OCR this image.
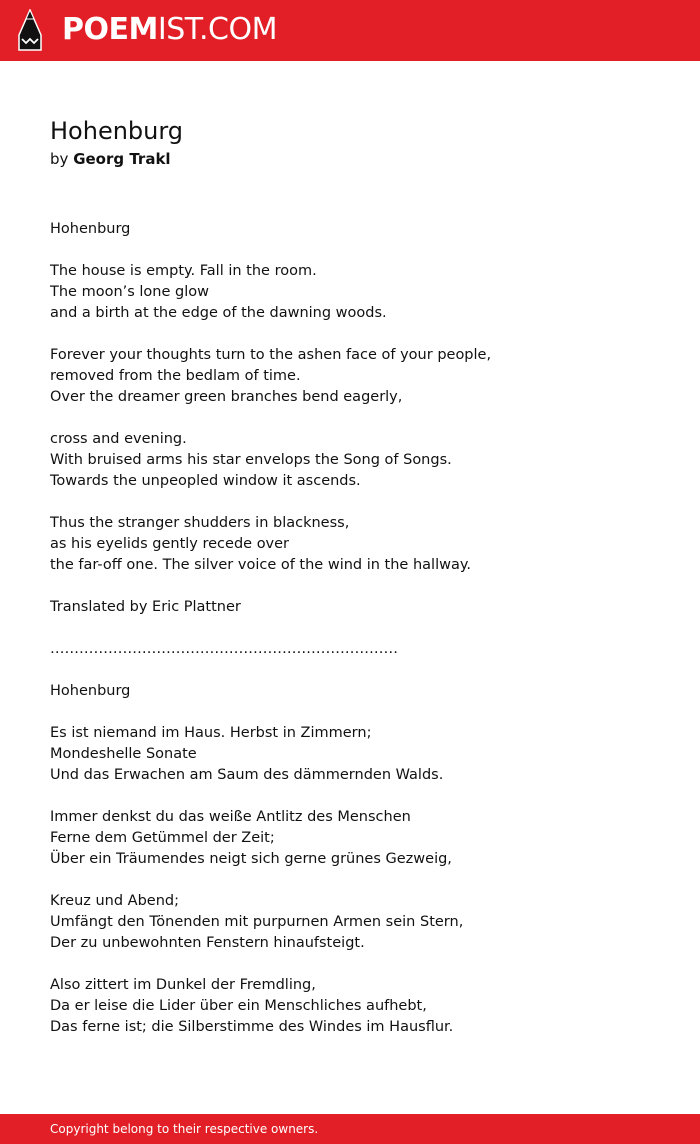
POEMIST.COM
Hohenburg
by Georg Trakl
Hohenburg
The house is empty. Fall in the room.
The moon’s lone glow
and a birth at the edge of the dawning woods.
Forever your thoughts turn to the ashen face of your people,
removed from the bedlam of time.
Over the dreamer green branches bend eagerly,
cross and evening.
With bruised arms his star envelops the Song of Songs.
Towards the unpeopled window it ascends.
Thus the stranger shudders in blackness,
as his eyelids gently recede over
the far-off one. The silver voice of the wind in the hallway.
Translated by Eric Plattner
………………………………………………………………
Hohenburg
Es ist niemand im Haus. Herbst in Zimmern;
Mondeshelle Sonate
Und das Erwachen am Saum des dämmernden Walds.
Immer denkst du das weiße Antlitz des Menschen
Ferne dem Getümmel der Zeit;
Über ein Träumendes neigt sich gerne grünes Gezweig,
Kreuz und Abend;
Umfängt den Tönenden mit purpurnen Armen sein Stern,
Der zu unbewohnten Fenstern hinaufsteigt.
Also zittert im Dunkel der Fremdling,
Da er leise die Lider über ein Menschliches aufhebt,
Das ferne ist; die Silberstimme des Windes im Hausflur.
Copyright belong to their respective owners.
